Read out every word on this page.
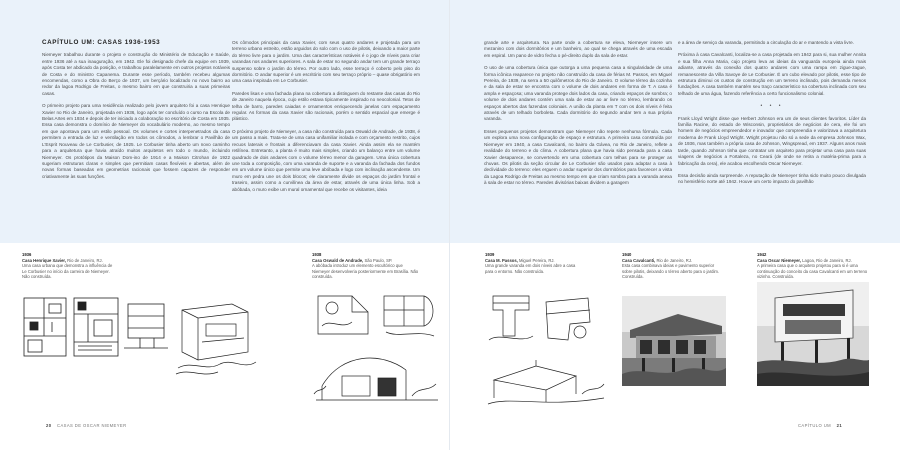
CAPÍTULO UM: CASAS 1936-1953

Niemeyer trabalhou durante o projeto e construção do Ministério de Educação e Saúde, entre 1936 até a sua inauguração, em 1942. Ele foi designado chefe da equipe em 1939, após Costa ter abdicado da posição, e trabalhou paralelamente em outros projetos notáveis de Costa e do ministro Capanema. Durante esse período, também recebeu algumas encomendas, como a Obra do Berço de 1937, um berçário localizado no novo bairro ao redor da lagoa Rodrigo de Freitas, o mesmo bairro em que construiria a suas primeiras casas.

O primeiro projeto para uma residência realizado pelo jovem arquiteto foi a casa Henrique Xavier no Rio de Janeiro, projetada em 1936, logo após ter concluído o curso na Escola de Belas Artes em 1934 e depois de ter iniciado a colaboração no escritório de Costa em 1935. Essa casa demonstra o domínio de Niemeyer do vocabulário moderno, ao mesmo tempo em que apontava para um estilo pessoal. Os volumes e cortes interpenetrados da casa permitem a entrada de luz e ventilação em todos os cômodos, a lembrar o Pavilhão de L'Esprit Nouveau de Le Corbusier, de 1925. Le Corbusier tinha aberto um novo caminho para a arquitetura que havia atraído muitos arquitetos em todo o mundo, incluindo Niemeyer. Os protótipos da Maison Dom-ino de 1914 e a Maison Citrohan de 1922 sugeriam estruturas claras e simples que permitiam casas flexíveis e abertas, além de novas formas baseadas em geometrias racionais que fossem capazes de responder criativamente às suas funções.

Os cômodos principais da casa Xavier, com seus quatro andares e projetada para um terreno urbano estreito, estão arguidos do solo com o uso de pilotis, deixando a maior parte do térreo livre para o jardim. Uma das características notáveis é o jogo de níveis para criar varandas nos andares superiores. A sala de estar no segundo andar tem um grande terraço suspenso sobre o jardim do térreo. Por outro lado, esse terraço é coberto pelo piso do dormitório. O andar superior é um escritório com seu terraço próprio – quase obrigatório em uma casa inspirada em Le Corbusier.

Paredes lisas e uma fachada plana na cobertura a distinguem do restante das casas do Rio de Janeiro naquela época, cujo estilo estava tipicamente inspirado no neocolonial. Tetos de telha de barro, paredes caiadas e ornamentos enriquecendo janelas com espaçamento regular. As formas da casa Xavier são racionais, porém o sentido espacial que emerge é plástico.

O próximo projeto de Niemeyer, a casa não construída para Oswald de Andrade, de 1938, é um passo a mais. Trata-se de uma casa unifamiliar isolada e com orçamento restrito, cujos recuos laterais e frontais a diferenciavam da casa Xavier. Ainda assim ela se mantém retilínea. Entretanto, a planta é muito mais simples, criando um balanço entre um volume quadrado de dois andares com o volume térreo menor da garagem. Uma única cobertura une toda a composição, com uma varanda de suporte e a varanda da fachada dos fundos em um volume único que permite uma leve abóbada e logo com inclinação ascendente. Um muro em pedra une os dois blocos; ele claramente divide os espaços do jardim frontal e traseiro, assim como a curvilínea da área de estar, através de uma única linha. Sob a abóbada, o muro exibe um mural ornamental que recebe os visitantes, ideia

grande arte e arquitetura. Na parte onde a cobertura se eleva, Niemeyer insere um mezanino com dois dormitórios e um banheiro, ao qual se chega através de uma escada em espiral. Um pano de vidro fecha o pé-direito duplo da sala de estar.

O uso de uma cobertura única que outorga a uma pequena casa a singularidade de uma forma icônica reaparece no projeto não construído da casa de férias M. Passos, em Miguel Pereira, de 1939, na serra a 50 quilômetros do Rio de Janeiro. O volume térreo da cozinha e da sala de estar se encontra com o volume de dois andares em forma de T. A casa é ampla e espaçosa; uma varanda protege dois lados da casa, criando espaços de sombra; o volume de dois andares contém uma sala de estar ao ar livre no térreo, lembrando os espaços abertos das fazendas coloniais. A união da planta em T com os dois níveis é feita através de um telhado borboleta. Cada dormitório do segundo andar tem a sua própria varanda.

Esses pequenos projetos demonstram que Niemeyer não repete nenhuma fórmula. Cada um explora uma nova configuração de espaço e estrutura. A primeira casa construída por Niemeyer em 1940, a casa Cavalcanti, no bairro da Gávea, no Rio de Janeiro, reflete a realidade do terreno e do clima. A cobertura plana que havia sido pensada para a casa Xavier desaparece, se convertendo em uma cobertura com telhas para se proteger as chuvas. Os pilotis da seção circular de Le Corbusier são usados para adaptar a casa à declividade do terreno: eles erguem o andar superior dos dormitórios para favorecer a vista da Lagoa Rodrigo de Freitas ao mesmo tempo em que criam sombra para a varanda anexa à sala de estar no térreo. Paredes divisórias baixas dividem a garagem

e a área de serviço da varanda, permitindo a circulação do ar e mantendo a vista livre.

Próxima à casa Cavalcanti, localiza-se a casa projetada em 1942 para si, sua mulher Annita e sua filha Anna Maria, cujo projeto leva as ideias da vanguarda europeia ainda mais adiante, através da conexão dos quatro andares com uma rampa em zigue-zague, remanescente da Villa Savoye de Le Corbusier. É um cubo elevado por pilotis, esse tipo de estrutura diminui os custos de construção em um terreno inclinado, pois demanda menos fundações. A casa também mantém seu traço característico na cobertura inclinada com seu telhado de uma água, fazendo referência a certo funcionalismo colonial.

• • •

Frank Lloyd Wright disse que Herbert Johnson era um de seus clientes favoritos. Líder da família Racine, do estado de Wisconsin, proprietários de negócios de cera, ele foi um homem de negócios empreendedor e inovador que compreendia e valorizava a arquitetura moderna de Frank Lloyd Wright. Wright projetou não só a sede da empresa Johnson Wax, de 1936, mas também a própria casa de Johnson, Wingspread, em 1937. Alguns anos mais tarde, quando Johnson tinha que contratar um arquiteto para projetar uma casa para suas viagens de negócios a Fortaleza, no Ceará (de onde se retira a matéria-prima para a fabricação da cera), ele acabou escolhendo Oscar Niemeyer.

Essa decisão ainda surpreende. A reputação de Niemeyer tinha sido muito pouco divulgada no hemisfério norte até 1942. Houve um certo impacto do pavilhão

1936
Casa Henrique Xavier, Rio de Janeiro, RJ.
Uma casa urbana que demonstra a influência de Le Corbusier no início da carreira de Niemeyer. Não construída.
1938
Casa Oswald de Andrade, São Paulo, SP.
A abóbada introduz um elemento escultórico que Niemeyer desenvolveria posteriormente em Brasília. Não construída.
1939
Casa M. Passos, Miguel Pereira, RJ.
Uma grande varanda em dois níveis abre a casa para o entorno. Não construída.
1940
Casa Cavalcanti, Rio de Janeiro, RJ.
Esta casa combinava ideias e pavimento superior sobre pilotis, deixando o térreo aberto para o jardim. Construída.
1942
Casa Oscar Niemeyer, Lagoa, Rio de Janeiro, RJ.
A primeira casa que o arquiteto projetou para si é uma continuação do conceito da casa Cavalcanti em um terreno vizinho. Construída.
20 CASAS DE OSCAR NIEMEYER	CAPÍTULO UM 21
